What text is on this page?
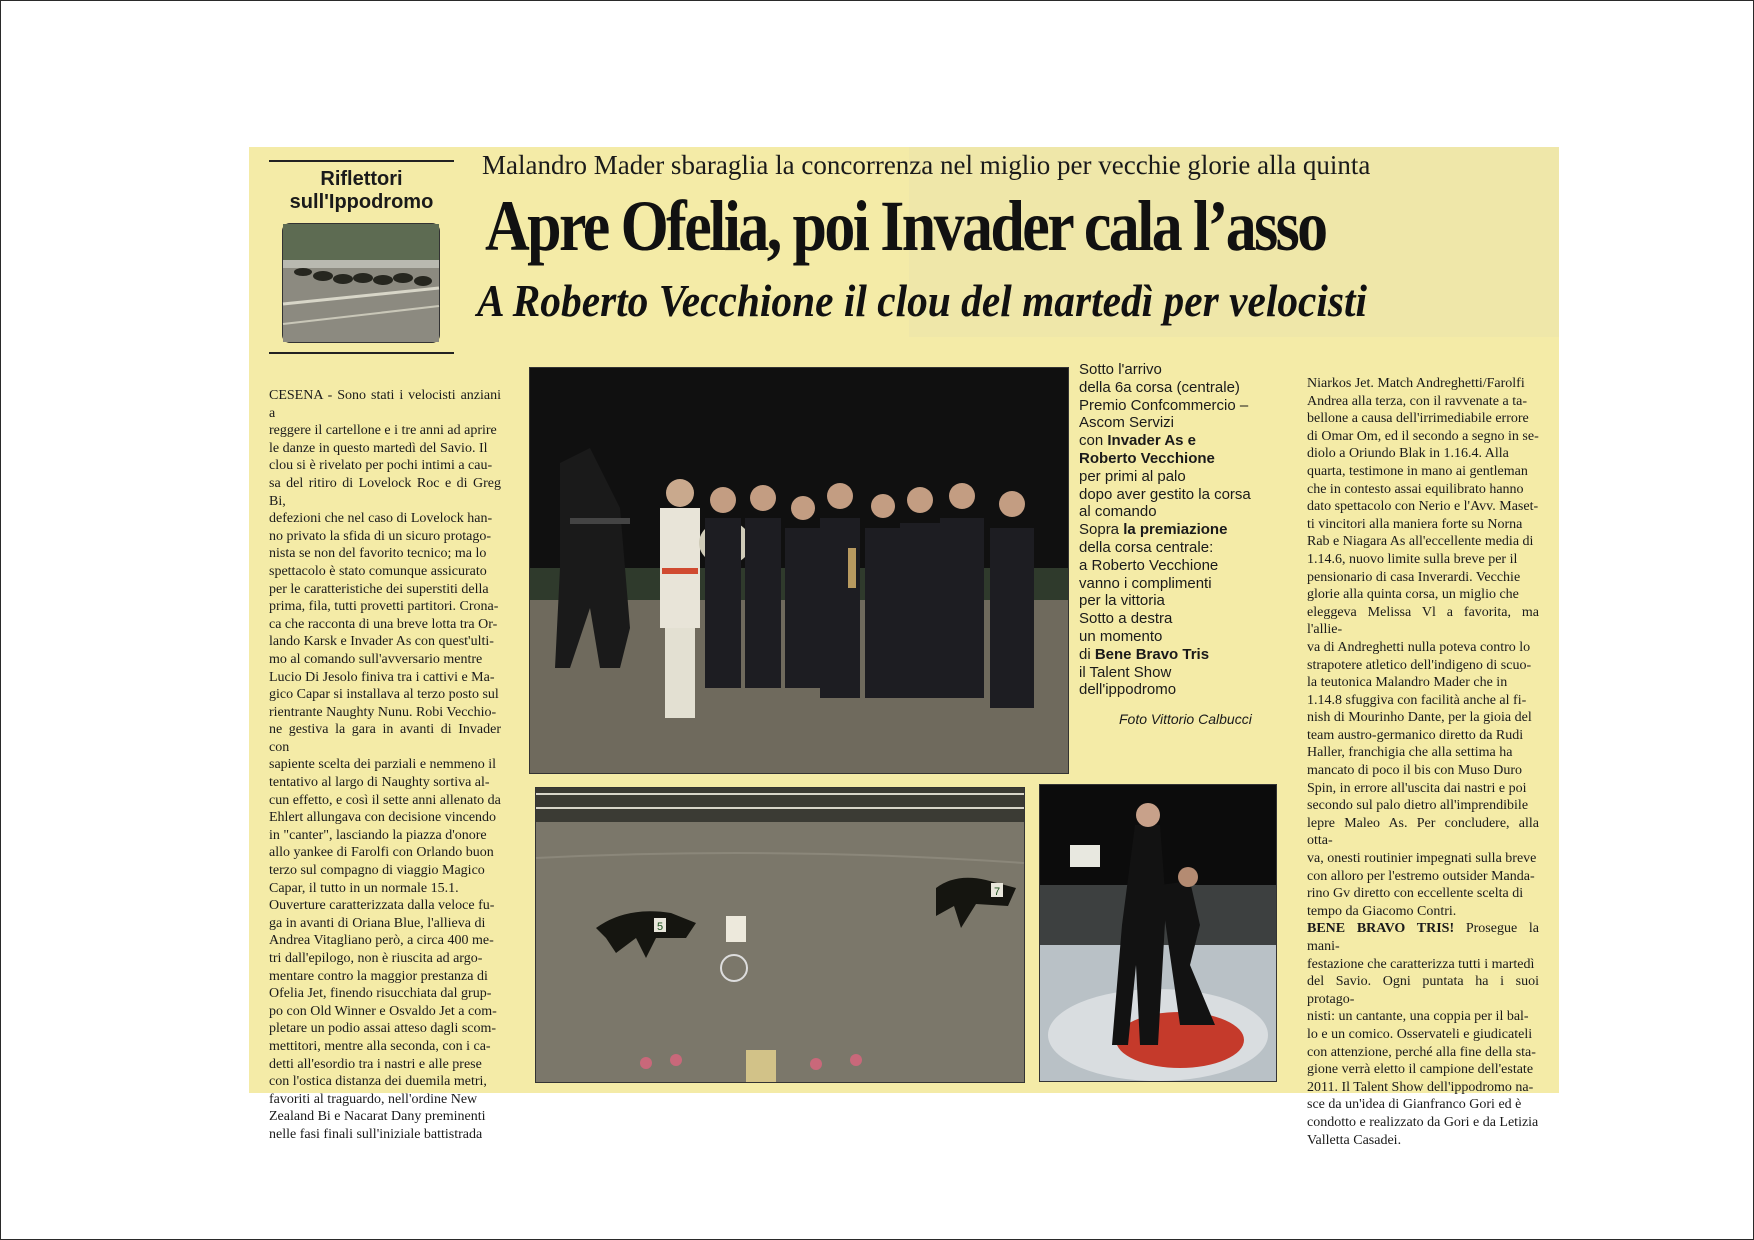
Riflettori
sull'Ippodromo
Malandro Mader sbaraglia la concorrenza nel miglio per vecchie glorie alla quinta
Apre Ofelia, poi Invader cala l’asso
A Roberto Vecchione il clou del martedì per velocisti
CESENA - Sono stati i velocisti anziani a
reggere il cartellone e i tre anni ad aprire
le danze in questo martedì del Savio. Il
clou si è rivelato per pochi intimi a cau-
sa del ritiro di Lovelock Roc e di Greg Bi,
defezioni che nel caso di Lovelock han-
no privato la sfida di un sicuro protago-
nista se non del favorito tecnico; ma lo
spettacolo è stato comunque assicurato
per le caratteristiche dei superstiti della
prima, fila, tutti provetti partitori. Crona-
ca che racconta di una breve lotta tra Or-
lando Karsk e Invader As con quest'ulti-
mo al comando sull'avversario mentre
Lucio Di Jesolo finiva tra i cattivi e Ma-
gico Capar si installava al terzo posto sul
rientrante Naughty Nunu. Robi Vecchio-
ne gestiva la gara in avanti di Invader con
sapiente scelta dei parziali e nemmeno il
tentativo al largo di Naughty sortiva al-
cun effetto, e così il sette anni allenato da
Ehlert allungava con decisione vincendo
in "canter", lasciando la piazza d'onore
allo yankee di Farolfi con Orlando buon
terzo sul compagno di viaggio Magico
Capar, il tutto in un normale 15.1.
Ouverture caratterizzata dalla veloce fu-
ga in avanti di Oriana Blue, l'allieva di
Andrea Vitagliano però, a circa 400 me-
tri dall'epilogo, non è riuscita ad argo-
mentare contro la maggior prestanza di
Ofelia Jet, finendo risucchiata dal grup-
po con Old Winner e Osvaldo Jet a com-
pletare un podio assai atteso dagli scom-
mettitori, mentre alla seconda, con i ca-
detti all'esordio tra i nastri e alle prese
con l'ostica distanza dei duemila metri,
favoriti al traguardo, nell'ordine New
Zealand Bi e Nacarat Dany preminenti
nelle fasi finali sull'iniziale battistrada
Sotto l'arrivo
della 6a corsa (centrale)
Premio Confcommercio –
Ascom Servizi
con Invader As e
Roberto Vecchione
per primi al palo
dopo aver gestito la corsa
al comando
Sopra la premiazione
della corsa centrale:
a Roberto Vecchione
vanno i complimenti
per la vittoria
Sotto a destra
un momento
di Bene Bravo Tris
il Talent Show
dell'ippodromo
Foto Vittorio Calbucci
Niarkos Jet. Match Andreghetti/Farolfi
Andrea alla terza, con il ravvenate a ta-
bellone a causa dell'irrimediabile errore
di Omar Om, ed il secondo a segno in se-
diolo a Oriundo Blak in 1.16.4. Alla
quarta, testimone in mano ai gentleman
che in contesto assai equilibrato hanno
dato spettacolo con Nerio e l'Avv. Maset-
ti vincitori alla maniera forte su Norna
Rab e Niagara As all'eccellente media di
1.14.6, nuovo limite sulla breve per il
pensionario di casa Inverardi. Vecchie
glorie alla quinta corsa, un miglio che
eleggeva Melissa Vl a favorita, ma l'allie-
va di Andreghetti nulla poteva contro lo
strapotere atletico dell'indigeno di scuo-
la teutonica Malandro Mader che in
1.14.8 sfuggiva con facilità anche al fi-
nish di Mourinho Dante, per la gioia del
team austro-germanico diretto da Rudi
Haller, franchigia che alla settima ha
mancato di poco il bis con Muso Duro
Spin, in errore all'uscita dai nastri e poi
secondo sul palo dietro all'imprendibile
lepre Maleo As. Per concludere, alla otta-
va, onesti routinier impegnati sulla breve
con alloro per l'estremo outsider Manda-
rino Gv diretto con eccellente scelta di
tempo da Giacomo Contri.
BENE BRAVO TRIS! Prosegue la mani-
festazione che caratterizza tutti i martedì
del Savio. Ogni puntata ha i suoi protago-
nisti: un cantante, una coppia per il bal-
lo e un comico. Osservateli e giudicateli
con attenzione, perché alla fine della sta-
gione verrà eletto il campione dell'estate
2011. Il Talent Show dell'ippodromo na-
sce da un'idea di Gianfranco Gori ed è
condotto e realizzato da Gori e da Letizia
Valletta Casadei.
5
7
